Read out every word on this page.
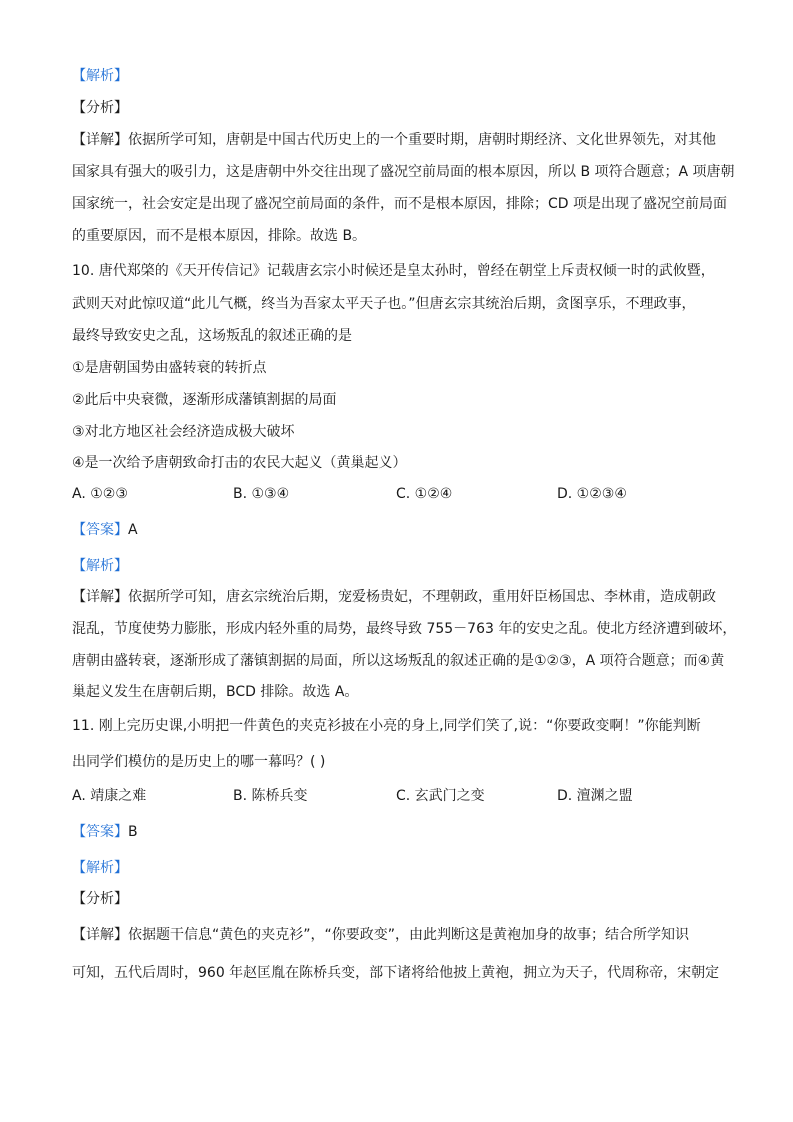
【解析】
【分析】
【详解】依据所学可知，唐朝是中国古代历史上的一个重要时期，唐朝时期经济、文化世界领先，对其他
国家具有强大的吸引力，这是唐朝中外交往出现了盛况空前局面的根本原因，所以 B 项符合题意；A 项唐朝
国家统一，社会安定是出现了盛况空前局面的条件，而不是根本原因，排除；CD 项是出现了盛况空前局面
的重要原因，而不是根本原因，排除。故选 B。
10. 唐代郑棨的《天开传信记》记载唐玄宗小时候还是皇太孙时，曾经在朝堂上斥责权倾一时的武攸暨，
武则天对此惊叹道“此儿气概，终当为吾家太平天子也。”但唐玄宗其统治后期，贪图享乐，不理政事，
最终导致安史之乱，这场叛乱的叙述正确的是
①是唐朝国势由盛转衰的转折点
②此后中央衰微，逐渐形成藩镇割据的局面
③对北方地区社会经济造成极大破坏
④是一次给予唐朝致命打击的农民大起义（黄巢起义）
A. ①②③	B. ①③④	C. ①②④	D. ①②③④
【答案】A
【解析】
【详解】依据所学可知，唐玄宗统治后期，宠爱杨贵妃，不理朝政，重用奸臣杨国忠、李林甫，造成朝政
混乱，节度使势力膨胀，形成内轻外重的局势，最终导致 755－763 年的安史之乱。使北方经济遭到破坏，
唐朝由盛转衰，逐渐形成了藩镇割据的局面，所以这场叛乱的叙述正确的是①②③，A 项符合题意；而④黄
巢起义发生在唐朝后期，BCD 排除。故选 A。
11. 刚上完历史课,小明把一件黄色的夹克衫披在小亮的身上,同学们笑了,说：“你要政变啊！”你能判断
出同学们模仿的是历史上的哪一幕吗？( )
A. 靖康之难	B. 陈桥兵变	C. 玄武门之变	D. 澶渊之盟
【答案】B
【解析】
【分析】
【详解】依据题干信息“黄色的夹克衫”，“你要政变”，由此判断这是黄袍加身的故事；结合所学知识
可知，五代后周时，960 年赵匡胤在陈桥兵变，部下诸将给他披上黄袍，拥立为天子，代周称帝，宋朝定
